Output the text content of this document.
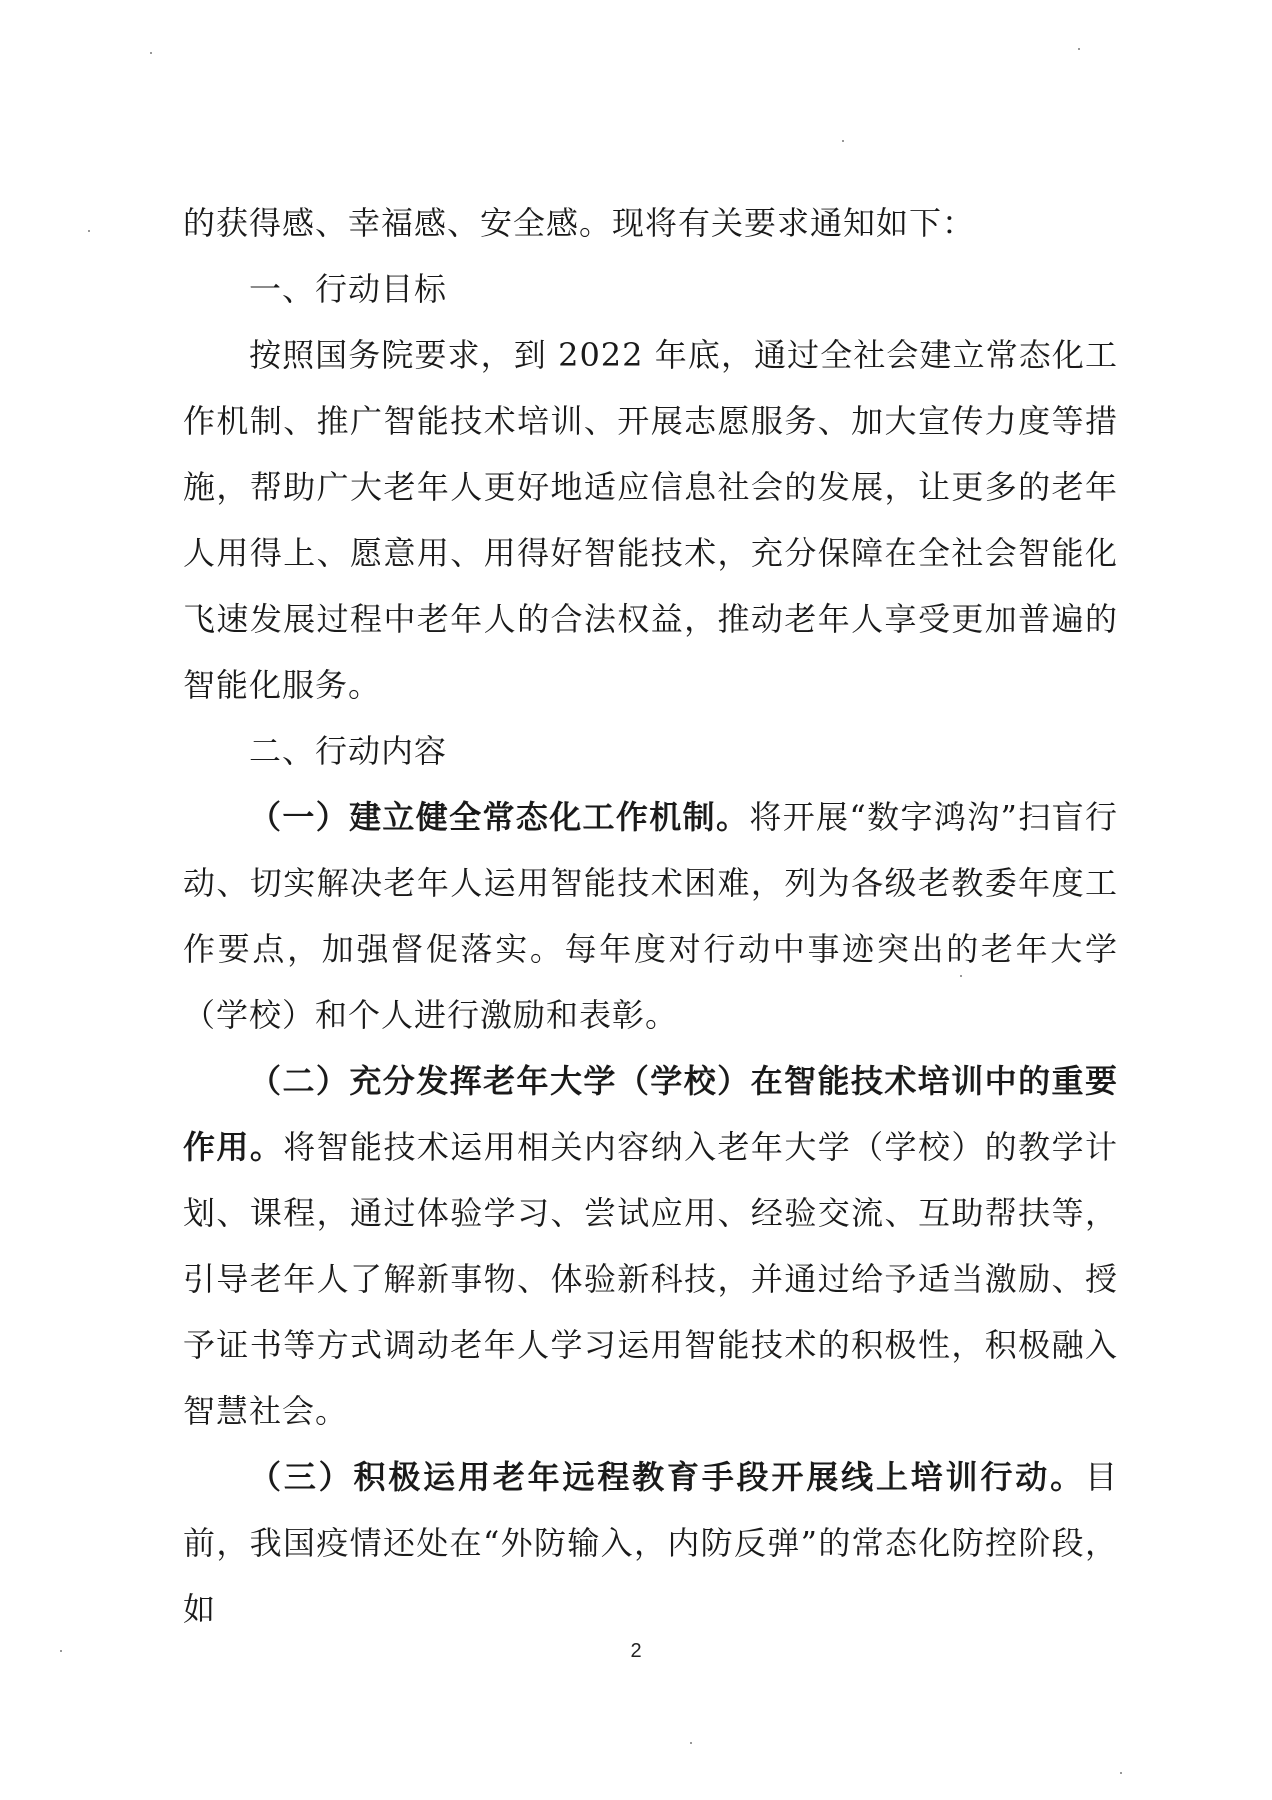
的获得感、幸福感、安全感。现将有关要求通知如下：

一、行动目标

按照国务院要求，到 2022 年底，通过全社会建立常态化工作机制、推广智能技术培训、开展志愿服务、加大宣传力度等措施，帮助广大老年人更好地适应信息社会的发展，让更多的老年人用得上、愿意用、用得好智能技术，充分保障在全社会智能化飞速发展过程中老年人的合法权益，推动老年人享受更加普遍的智能化服务。

二、行动内容

（一）建立健全常态化工作机制。将开展“数字鸿沟”扫盲行动、切实解决老年人运用智能技术困难，列为各级老教委年度工作要点，加强督促落实。每年度对行动中事迹突出的老年大学（学校）和个人进行激励和表彰。

（二）充分发挥老年大学（学校）在智能技术培训中的重要作用。将智能技术运用相关内容纳入老年大学（学校）的教学计划、课程，通过体验学习、尝试应用、经验交流、互助帮扶等，引导老年人了解新事物、体验新科技，并通过给予适当激励、授予证书等方式调动老年人学习运用智能技术的积极性，积极融入智慧社会。

（三）积极运用老年远程教育手段开展线上培训行动。目前，我国疫情还处在“外防输入，内防反弹”的常态化防控阶段，如

2
